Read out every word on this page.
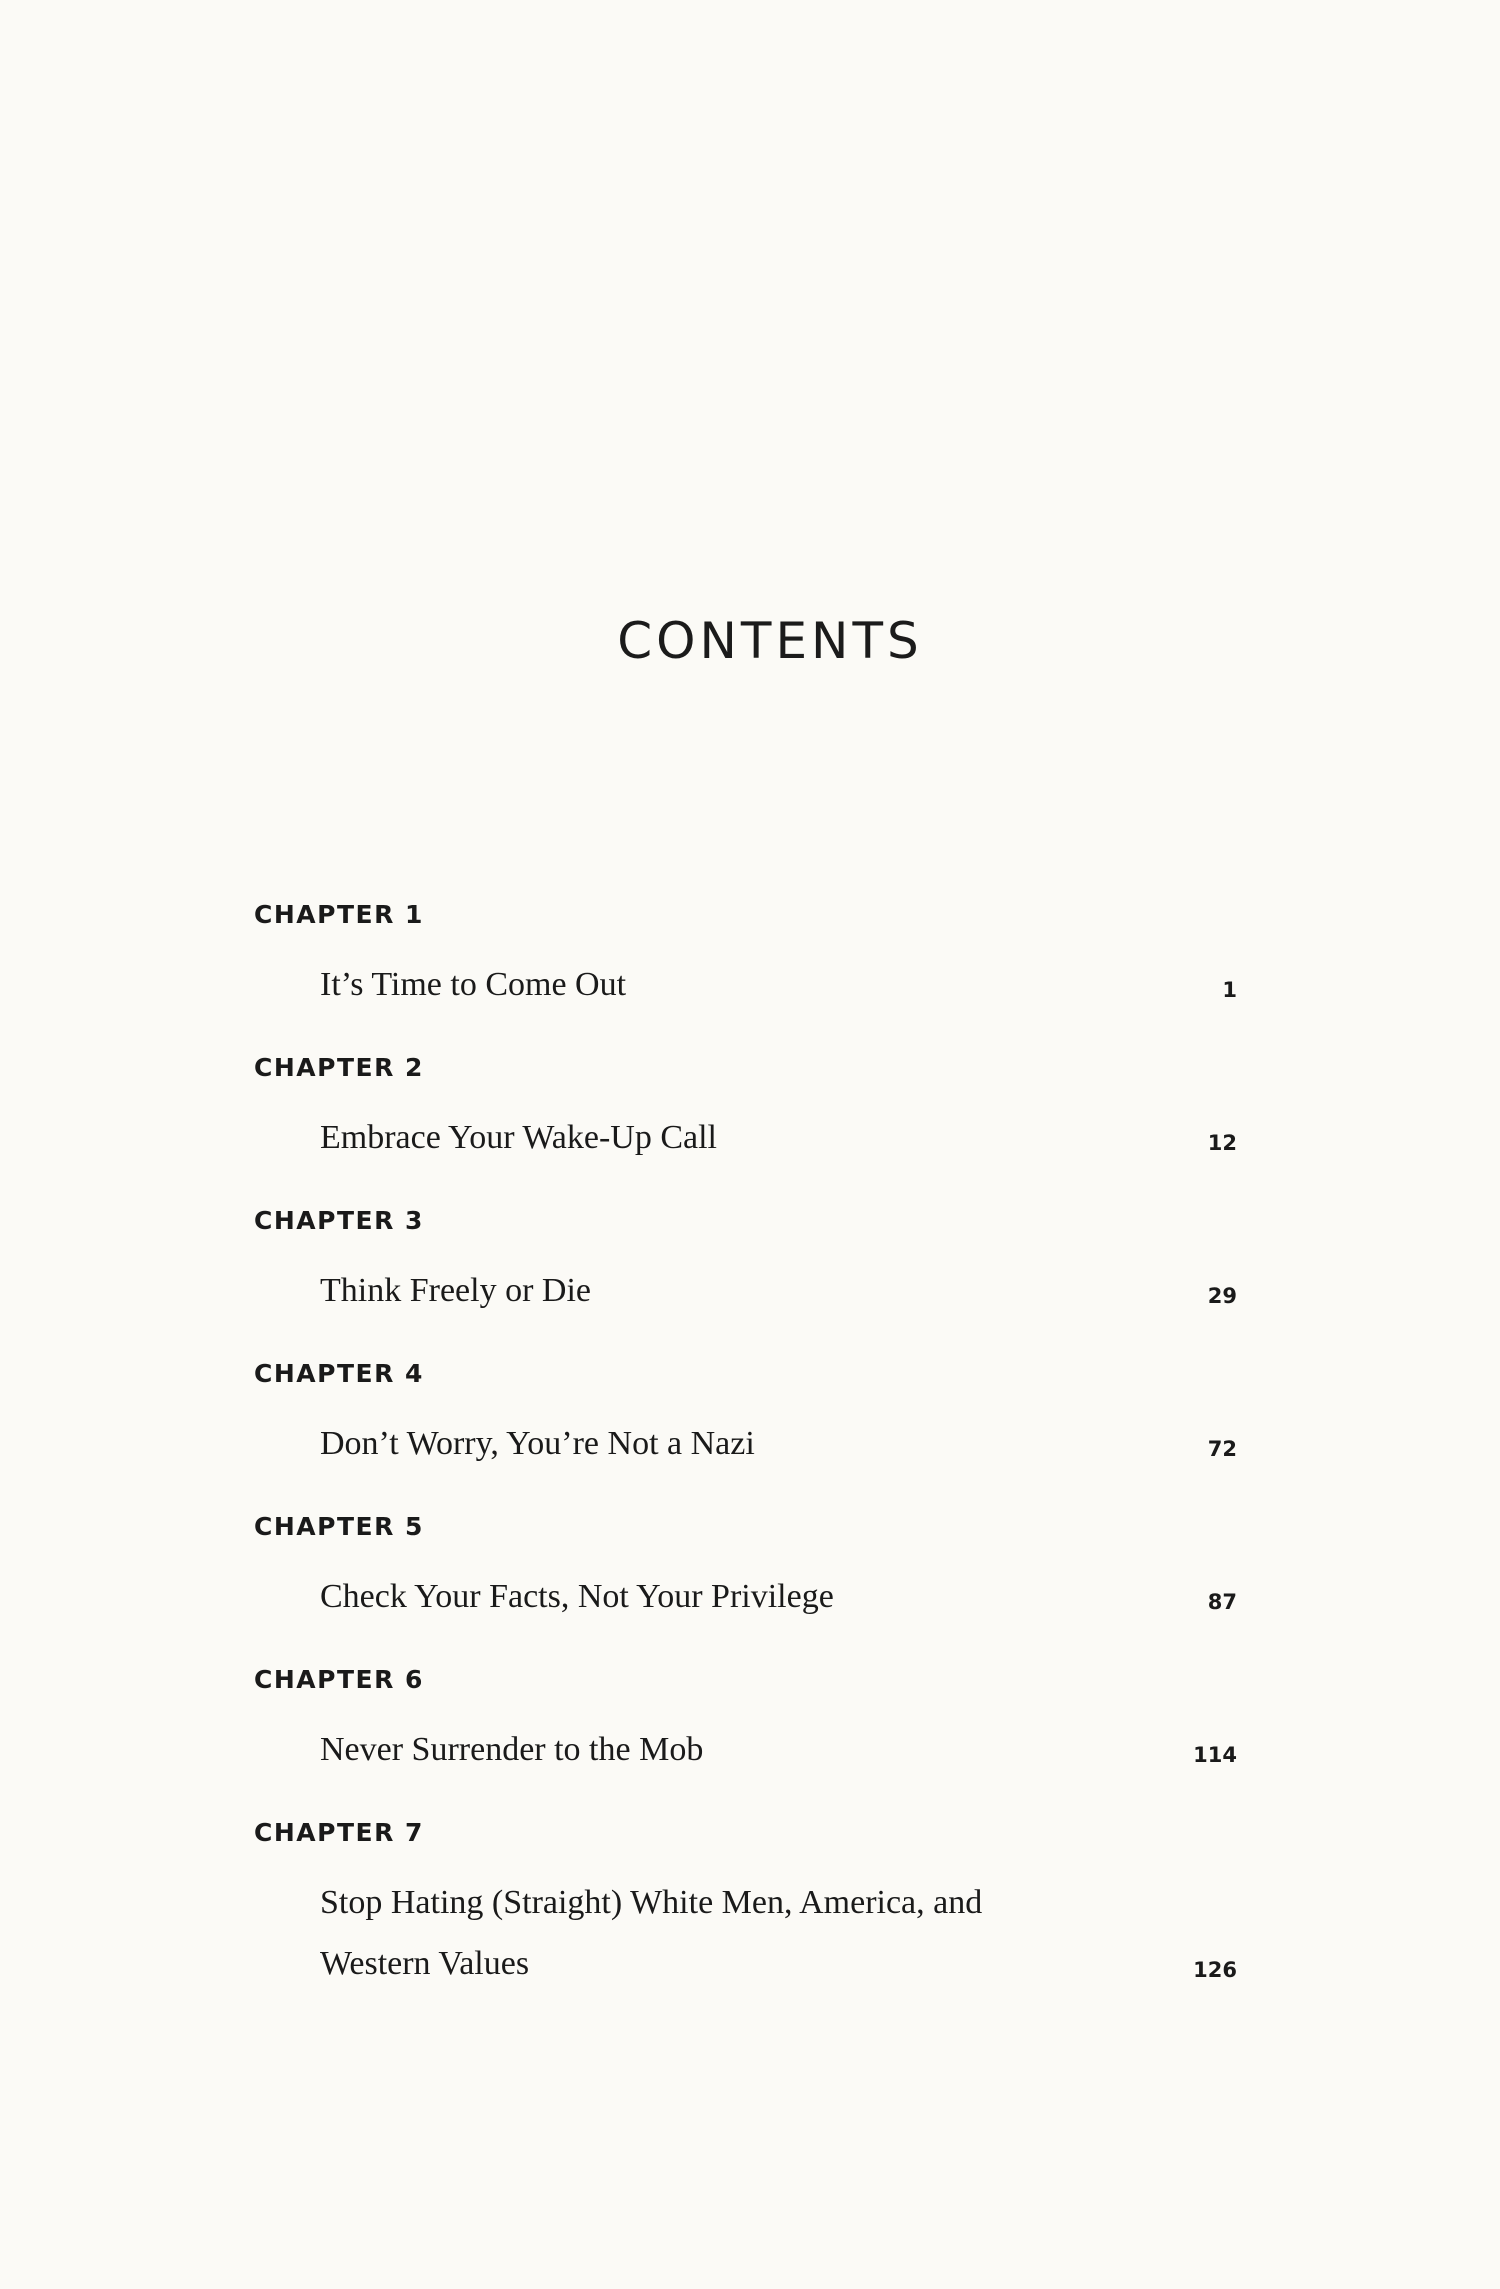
CONTENTS
CHAPTER 1
It’s Time to Come Out	1
CHAPTER 2
Embrace Your Wake-Up Call	12
CHAPTER 3
Think Freely or Die	29
CHAPTER 4
Don’t Worry, You’re Not a Nazi	72
CHAPTER 5
Check Your Facts, Not Your Privilege	87
CHAPTER 6
Never Surrender to the Mob	114
CHAPTER 7
Stop Hating (Straight) White Men, America, and Western Values	126
